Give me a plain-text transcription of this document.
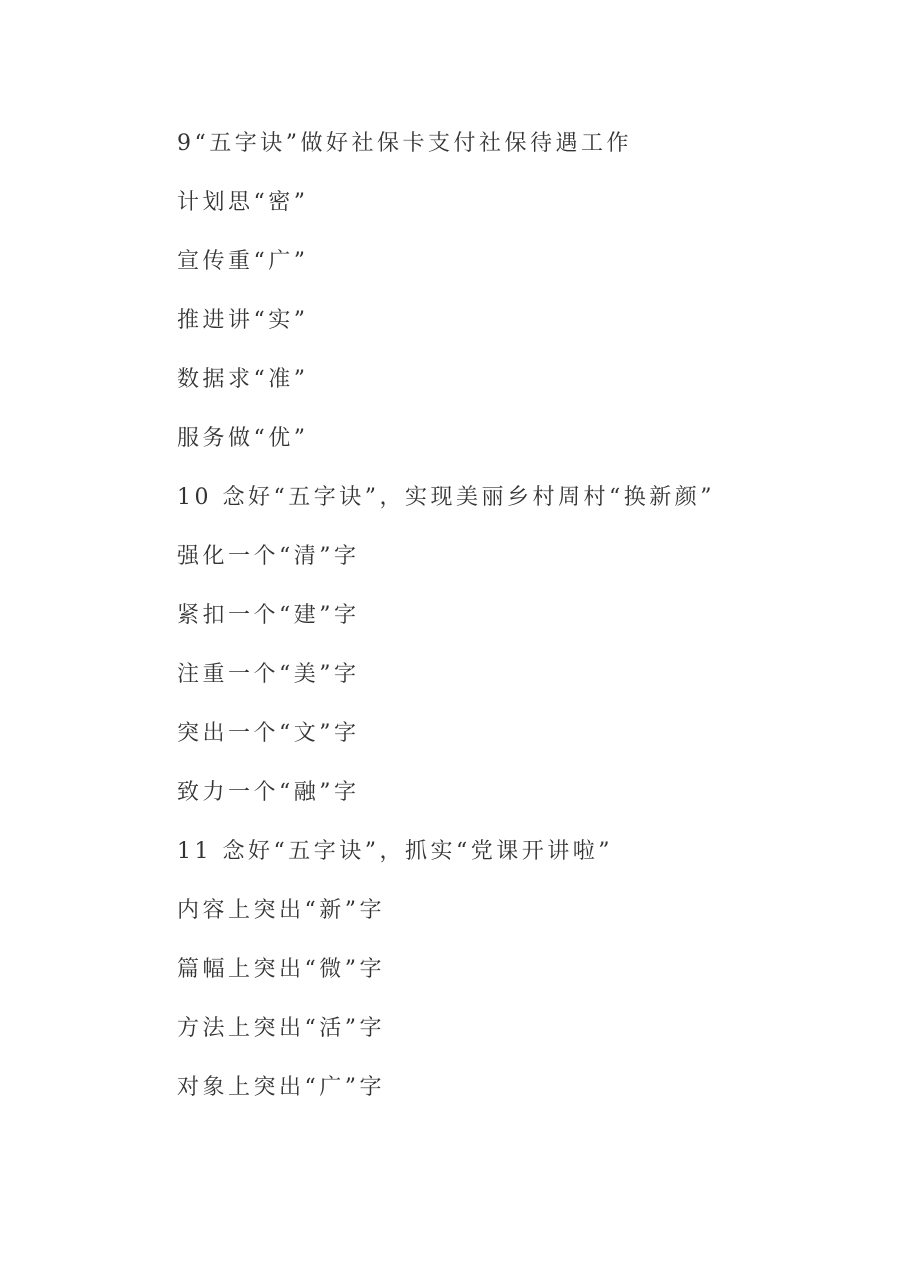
9“五字诀”做好社保卡支付社保待遇工作
计划思“密”
宣传重“广”
推进讲“实”
数据求“准”
服务做“优”
10 念好“五字诀”，实现美丽乡村周村“换新颜”
强化一个“清”字
紧扣一个“建”字
注重一个“美”字
突出一个“文”字
致力一个“融”字
11 念好“五字诀”，抓实“党课开讲啦”
内容上突出“新”字
篇幅上突出“微”字
方法上突出“活”字
对象上突出“广”字
